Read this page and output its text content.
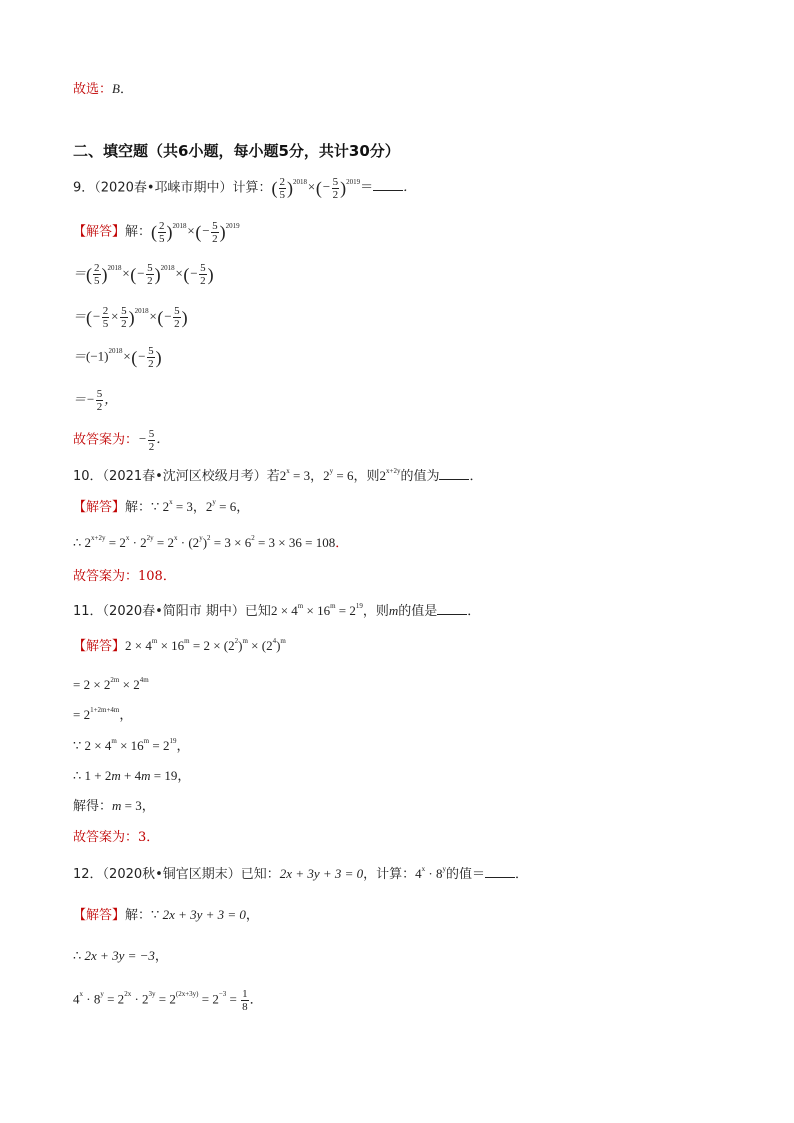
故选：B．
二、填空题（共6小题，每小题5分，共计30分）
9．（2020春•邛崃市期中）计算：( $\frac{2}{5} )^{2018}\times(- \frac{5}{2} )^{2019}=$ ．
【解答】解：( $\frac{2}{5} )^{2018}\times(- \frac{5}{2} )^{2019}$
＝( $\frac{2}{5} )^{2018}\times(- \frac{5}{2} )^{2018}\times(- \frac{5}{2}$ )
＝(− $\frac{2}{5} \times \frac{5}{2} )^{2018}\times(- \frac{5}{2}$ )
$=(-1)^{2018}\times(- \frac{5}{2}$ )
＝− $\frac{5}{2}$ ，
故答案为：− $\frac{5}{2}$ ．
10．（2021春•沈河区校级月考）若$2^x = 3$，$2^y = 6$，则$2^{x+2y}$的值为 ．
【解答】解：∵ $2^x = 3$，$2^y = 6$，
∴ $2^{x+2y} = 2^x \cdot 2^{2y} = 2^x \cdot (2^y)^2 = 3 \times 6^2 = 3 \times 36 = 108$．
故答案为：108．
11．（2020春•简阳市 期中）已知$2 \times 4^m \times 16^m = 2^{19}$，则m的值是 ．
【解答】$2 \times 4^m \times 16^m = 2 \times (2^2)^m \times (2^4)^m$
= $2 \times 2^{2m} \times 2^{4m}$
= $2^{1+2m+4m}$，
∵ $2 \times 4^m \times 16^m = 2^{19}$，
∴ 1 + 2m + 4m = 19，
解得：m = 3，
故答案为：3．
12．（2020秋•铜官区期末）已知：2x + 3y + 3 = 0，计算：$4^x \cdot 8^y$的值＝ ．
【解答】解：∵ 2x + 3y + 3 = 0，
∴ 2x + 3y = −3，
$4^x \cdot 8^y = 2^{2x} \cdot 2^{3y} = 2^{(2x+3y)} = 2^{-3} = \frac{1}{8}$ ．
